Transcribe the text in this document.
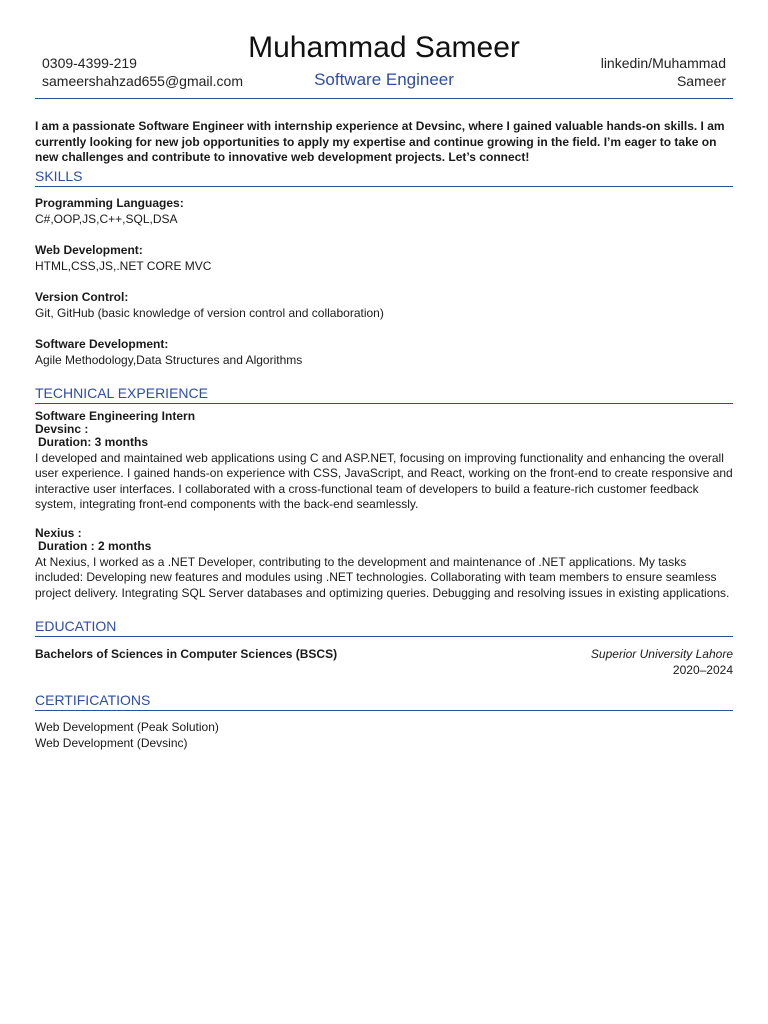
0309-4399-219
sameershahzad655@gmail.com
Muhammad Sameer
Software Engineer
linkedin/Muhammad
Sameer
I am a passionate Software Engineer with internship experience at Devsinc, where I gained valuable hands-on skills. I am currently looking for new job opportunities to apply my expertise and continue growing in the field. I’m eager to take on new challenges and contribute to innovative web development projects. Let’s connect!
SKILLS
Programming Languages:
C#,OOP,JS,C++,SQL,DSA
Web Development:
HTML,CSS,JS,.NET CORE MVC
Version Control:
Git, GitHub (basic knowledge of version control and collaboration)
Software Development:
Agile Methodology,Data Structures and Algorithms
TECHNICAL EXPERIENCE
Software Engineering Intern
Devsinc :
Duration: 3 months
I developed and maintained web applications using C and ASP.NET, focusing on improving functionality and enhancing the overall user experience. I gained hands-on experience with CSS, JavaScript, and React, working on the front-end to create responsive and interactive user interfaces. I collaborated with a cross-functional team of developers to build a feature-rich customer feedback system, integrating front-end components with the back-end seamlessly.
Nexius :
Duration : 2 months
At Nexius, I worked as a .NET Developer, contributing to the development and maintenance of .NET applications. My tasks included: Developing new features and modules using .NET technologies. Collaborating with team members to ensure seamless project delivery. Integrating SQL Server databases and optimizing queries. Debugging and resolving issues in existing applications.
EDUCATION
Bachelors of Sciences in Computer Sciences (BSCS)	Superior University Lahore
2020–2024
CERTIFICATIONS
Web Development (Peak Solution)
Web Development (Devsinc)
